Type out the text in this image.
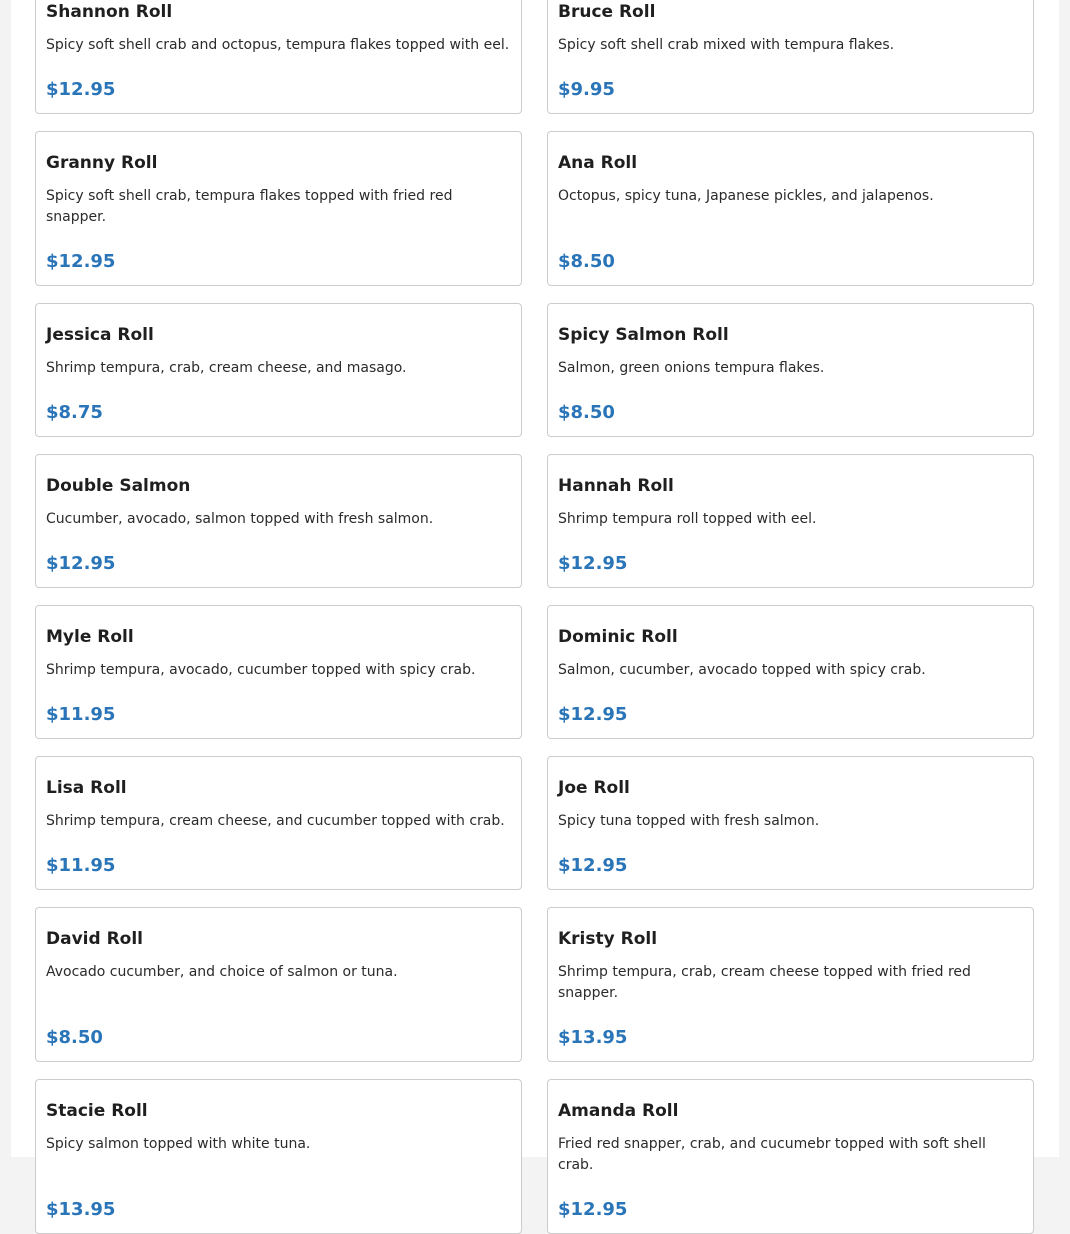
Shannon Roll
Spicy soft shell crab and octopus, tempura flakes topped with eel.
$12.95
Bruce Roll
Spicy soft shell crab mixed with tempura flakes.
$9.95
Granny Roll
Spicy soft shell crab, tempura flakes topped with fried red snapper.
$12.95
Ana Roll
Octopus, spicy tuna, Japanese pickles, and jalapenos.
$8.50
Jessica Roll
Shrimp tempura, crab, cream cheese, and masago.
$8.75
Spicy Salmon Roll
Salmon, green onions tempura flakes.
$8.50
Double Salmon
Cucumber, avocado, salmon topped with fresh salmon.
$12.95
Hannah Roll
Shrimp tempura roll topped with eel.
$12.95
Myle Roll
Shrimp tempura, avocado, cucumber topped with spicy crab.
$11.95
Dominic Roll
Salmon, cucumber, avocado topped with spicy crab.
$12.95
Lisa Roll
Shrimp tempura, cream cheese, and cucumber topped with crab.
$11.95
Joe Roll
Spicy tuna topped with fresh salmon.
$12.95
David Roll
Avocado cucumber, and choice of salmon or tuna.
$8.50
Kristy Roll
Shrimp tempura, crab, cream cheese topped with fried red snapper.
$13.95
Stacie Roll
Spicy salmon topped with white tuna.
$13.95
Amanda Roll
Fried red snapper, crab, and cucumebr topped with soft shell crab.
$12.95
